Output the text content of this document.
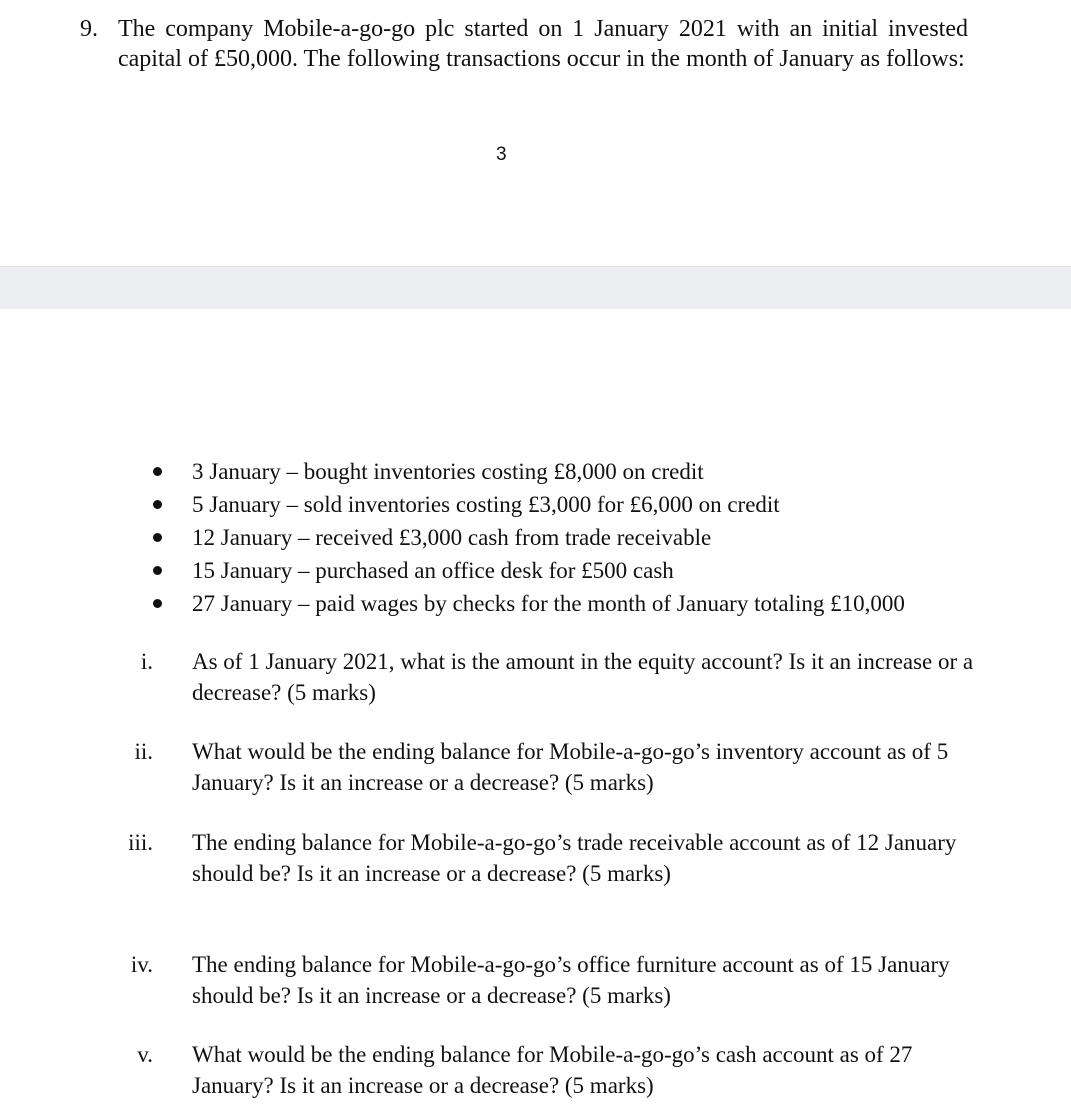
9. The company Mobile-a-go-go plc started on 1 January 2021 with an initial invested capital of £50,000. The following transactions occur in the month of January as follows:
3
3 January – bought inventories costing £8,000 on credit
5 January – sold inventories costing £3,000 for £6,000 on credit
12 January – received £3,000 cash from trade receivable
15 January – purchased an office desk for £500 cash
27 January – paid wages by checks for the month of January totaling £10,000
i. As of 1 January 2021, what is the amount in the equity account? Is it an increase or a decrease? (5 marks)
ii. What would be the ending balance for Mobile-a-go-go’s inventory account as of 5 January? Is it an increase or a decrease? (5 marks)
iii. The ending balance for Mobile-a-go-go’s trade receivable account as of 12 January should be? Is it an increase or a decrease? (5 marks)
iv. The ending balance for Mobile-a-go-go’s office furniture account as of 15 January should be? Is it an increase or a decrease? (5 marks)
v. What would be the ending balance for Mobile-a-go-go’s cash account as of 27 January? Is it an increase or a decrease? (5 marks)
